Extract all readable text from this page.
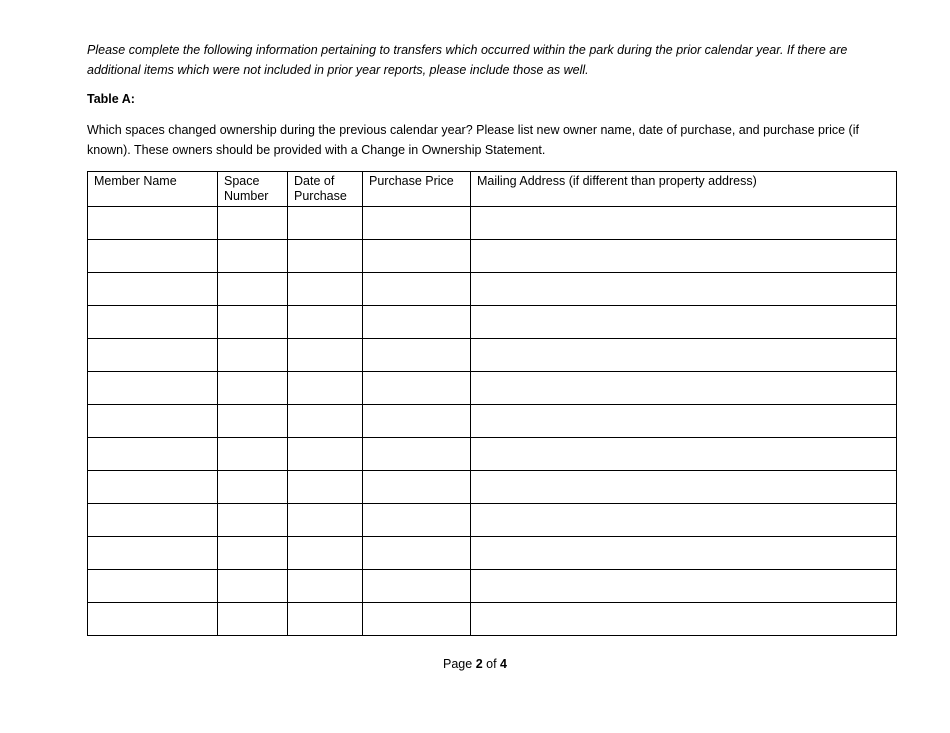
Please complete the following information pertaining to transfers which occurred within the park during the prior calendar year. If there are additional items which were not included in prior year reports, please include those as well.
Table A:
Which spaces changed ownership during the previous calendar year? Please list new owner name, date of purchase, and purchase price (if known). These owners should be provided with a Change in Ownership Statement.
Member Name	Space Number	Date of Purchase	Purchase Price	Mailing Address (if different than property address)

Page 2 of 4
